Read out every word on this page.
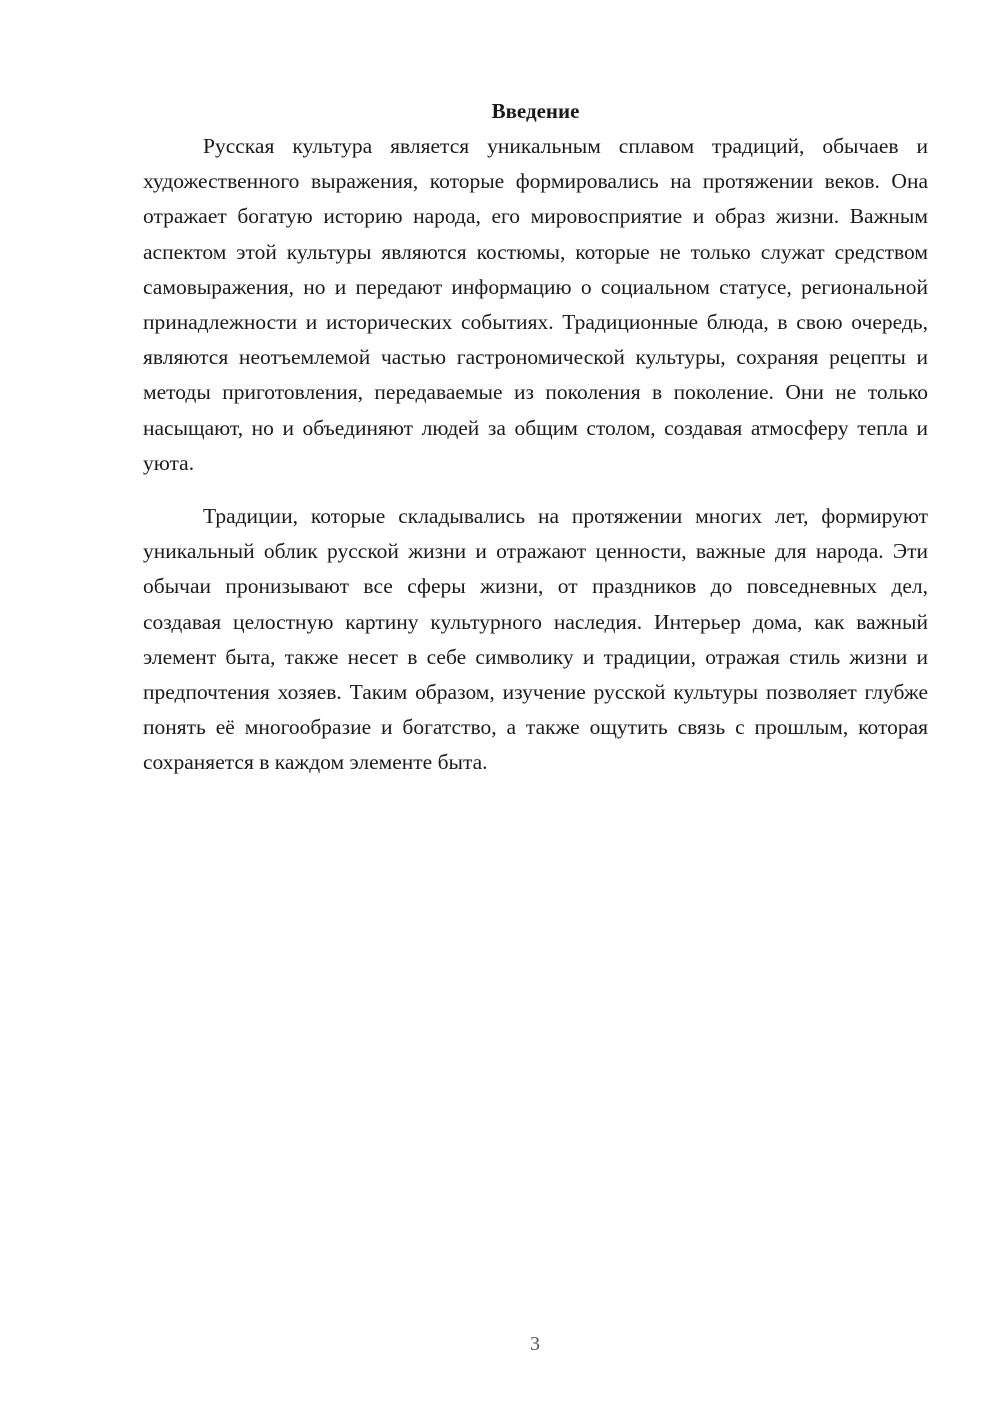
Введение

Русская культура является уникальным сплавом традиций, обычаев и художественного выражения, которые формировались на протяжении веков. Она отражает богатую историю народа, его мировосприятие и образ жизни. Важным аспектом этой культуры являются костюмы, которые не только служат средством самовыражения, но и передают информацию о социальном статусе, региональной принадлежности и исторических событиях. Традиционные блюда, в свою очередь, являются неотъемлемой частью гастрономической культуры, сохраняя рецепты и методы приготовления, передаваемые из поколения в поколение. Они не только насыщают, но и объединяют людей за общим столом, создавая атмосферу тепла и уюта.

Традиции, которые складывались на протяжении многих лет, формируют уникальный облик русской жизни и отражают ценности, важные для народа. Эти обычаи пронизывают все сферы жизни, от праздников до повседневных дел, создавая целостную картину культурного наследия. Интерьер дома, как важный элемент быта, также несет в себе символику и традиции, отражая стиль жизни и предпочтения хозяев. Таким образом, изучение русской культуры позволяет глубже понять её многообразие и богатство, а также ощутить связь с прошлым, которая сохраняется в каждом элементе быта.

3
